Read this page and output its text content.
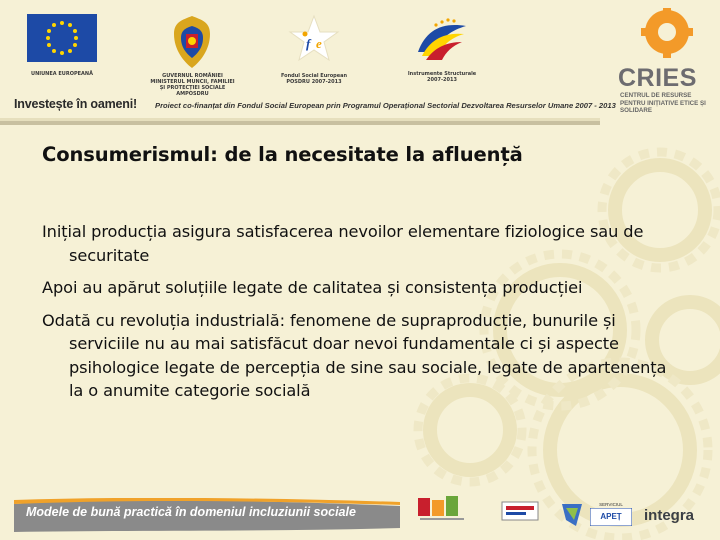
UNIUNEA EUROPEANĂ	GUVERNUL ROMÂNIEI
MINISTERUL MUNCII, FAMILIEI
ȘI PROTECȚIEI SOCIALE
AMPOSDRU
f e
Fondul Social European
POSDRU 2007-2013
Instrumente Structurale
2007-2013
Investește în oameni! Proiect co-finanțat din Fondul Social European prin Programul Operațional Sectorial Dezvoltarea Resurselor Umane 2007 - 2013
CRIES
CENTRUL DE RESURSE PENTRU INIȚIATIVE ETICE ȘI SOLIDARE
Consumerismul: de la necesitate la afluență

Inițial producția asigura satisfacerea nevoilor elementare fiziologice sau de securitate

Apoi au apărut soluțiile legate de calitatea și consistența producției

Odată cu revoluția industrială: fenomene de supraproducție, bunurile și serviciile nu au mai satisfăcut doar nevoi fundamentale ci și aspecte psihologice legate de percepția de sine sau sociale, legate de apartenența la o anumite categorie socială

Modele de bună practică în domeniul incluziunii sociale
SERVICIUL
APEȚ	integra
